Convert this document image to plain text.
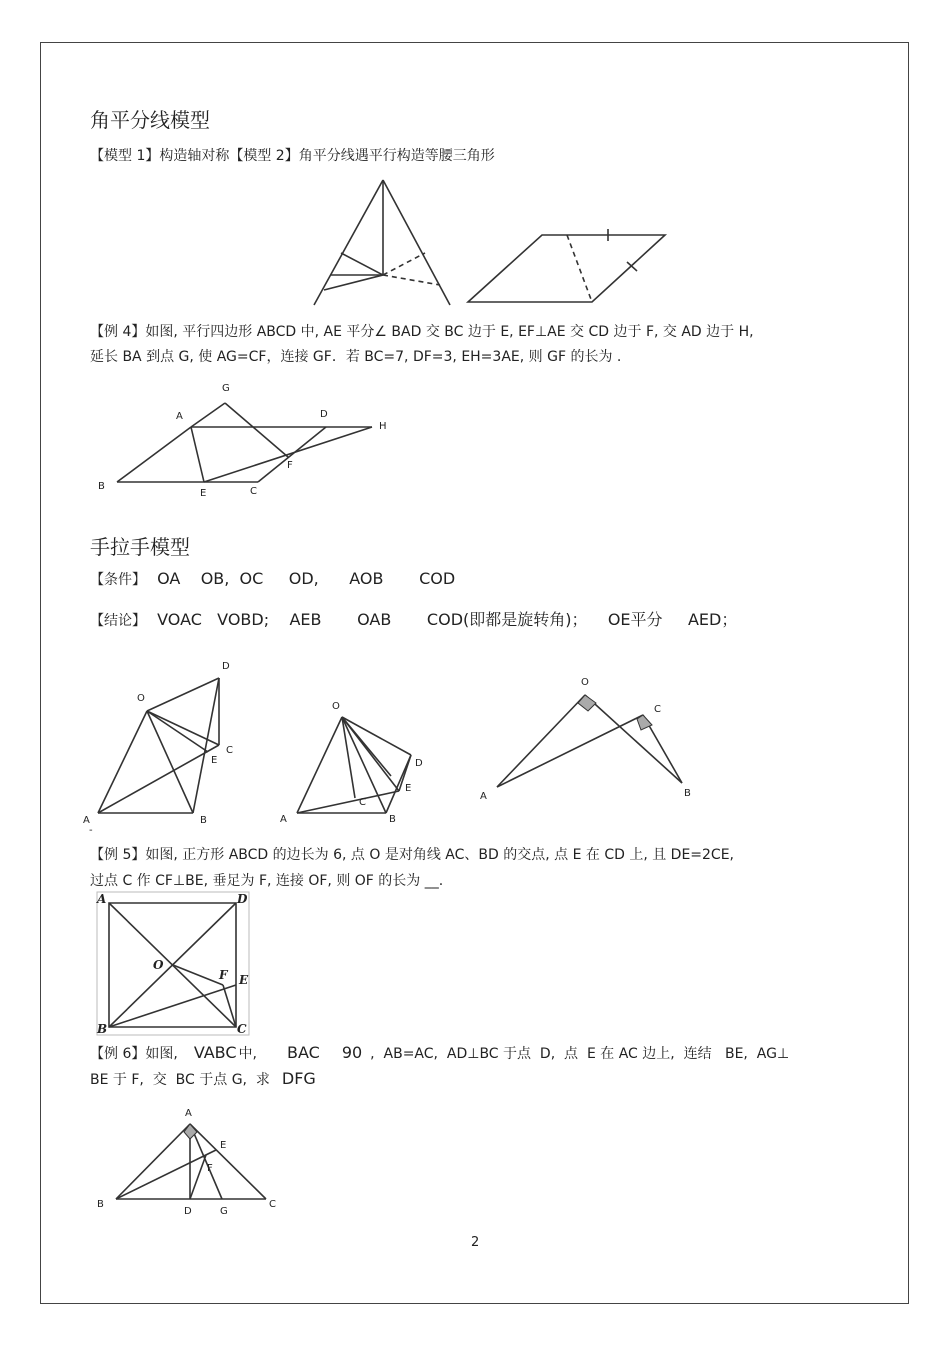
角平分线模型
【模型 1】构造轴对称【模型 2】角平分线遇平行构造等腰三角形
【例 4】如图, 平行四边形 ABCD 中, AE 平分∠ BAD 交 BC 边于 E, EF⊥AE 交 CD 边于 F, 交 AD 边于 H,
延长 BA 到点 G, 使 AG=CF，连接 GF．若 BC=7, DF=3, EH=3AE, 则 GF 的长为 .
G
A	D
H
F
B
E	C
手拉手模型
【条件】 OA    OB,  OC     OD,      AOB       COD
【结论】 VOAC   VOBD;    AEB       OAB       COD(即都是旋转角)；    OE平分     AED；
D
O
C
E
A	B
-
O
D
E
C
A	B
O
C
A	B
【例 5】如图, 正方形 ABCD 的边长为 6, 点 O 是对角线 AC、BD 的交点, 点 E 在 CD 上, 且 DE=2CE,
过点 C 作 CF⊥BE, 垂足为 F, 连接 OF, 则 OF 的长为 __.
A	D
O
F E
B	C
【例 6】如图, VABC 中, BAC 90 ,  AB=AC,  AD⊥BC 于点  D,  点  E 在 AC 边上,  连结   BE,  AG⊥
BE 于 F,  交  BC 于点 G,  求 DFG
A
E
F
B
D	G
C
2
